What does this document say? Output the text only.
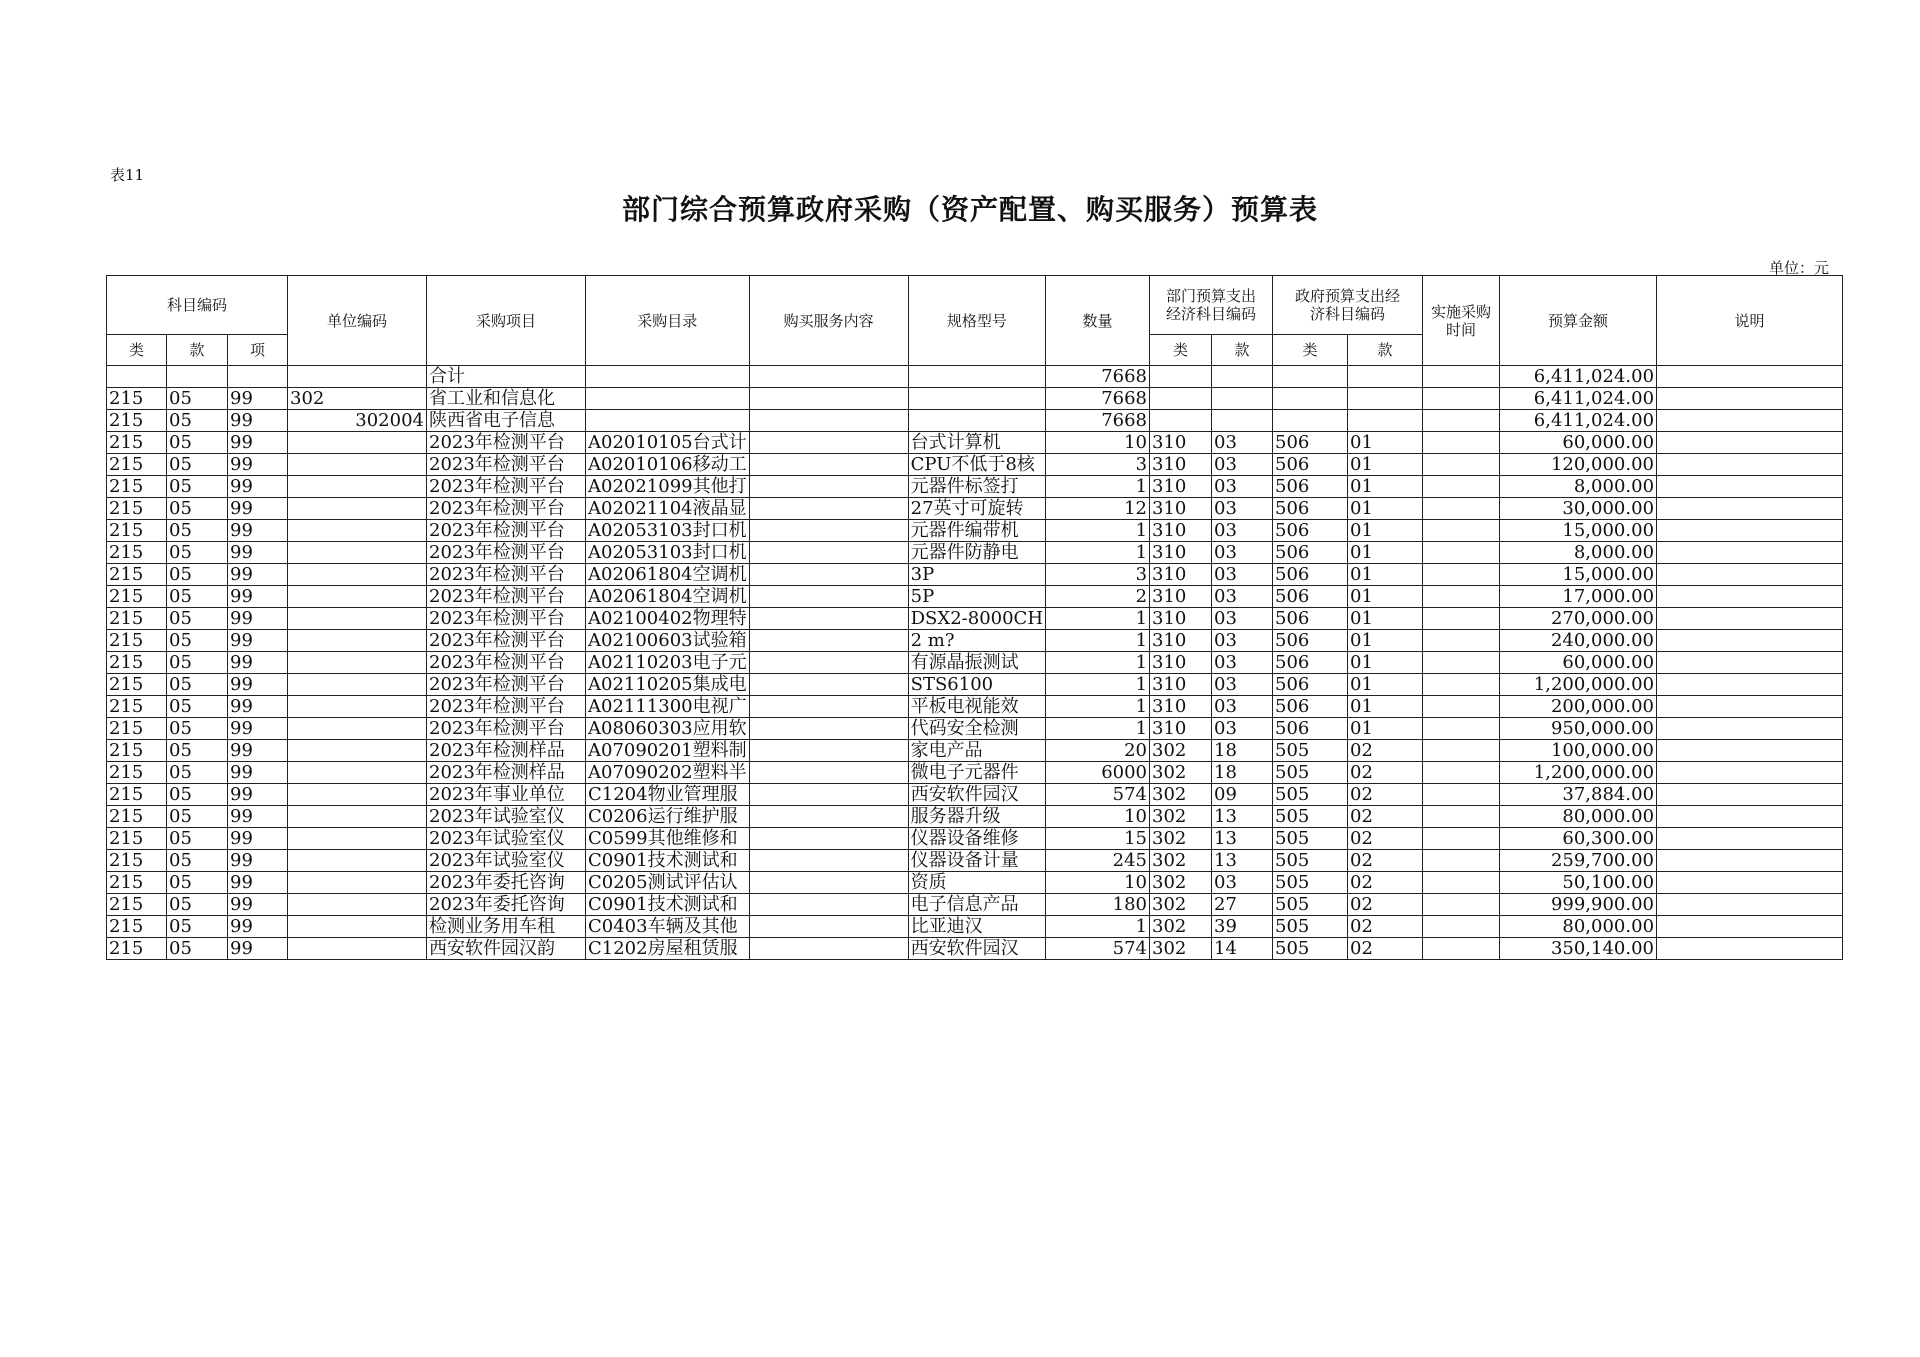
表11
部门综合预算政府采购（资产配置、购买服务）预算表
单位：元
科目编码			单位编码	采购项目	采购目录	购买服务内容	规格型号	数量	部门预算支出经济科目编码		政府预算支出经济科目编码		实施采购时间	预算金额	说明
类	款	项							类	款	类	款			
				合计				7668						6,411,024.00	
215	05	99	302	省工业和信息化				7668						6,411,024.00	
215	05	99	302004	陕西省电子信息				7668						6,411,024.00	
215	05	99		2023年检测平台	A02010105台式计		台式计算机	10	310	03	506	01		60,000.00	
215	05	99		2023年检测平台	A02010106移动工		CPU不低于8核	3	310	03	506	01		120,000.00	
215	05	99		2023年检测平台	A02021099其他打		元器件标签打	1	310	03	506	01		8,000.00	
215	05	99		2023年检测平台	A02021104液晶显		27英寸可旋转	12	310	03	506	01		30,000.00	
215	05	99		2023年检测平台	A02053103封口机		元器件编带机	1	310	03	506	01		15,000.00	
215	05	99		2023年检测平台	A02053103封口机		元器件防静电	1	310	03	506	01		8,000.00	
215	05	99		2023年检测平台	A02061804空调机		3P	3	310	03	506	01		15,000.00	
215	05	99		2023年检测平台	A02061804空调机		5P	2	310	03	506	01		17,000.00	
215	05	99		2023年检测平台	A02100402物理特		DSX2-8000CH	1	310	03	506	01		270,000.00	
215	05	99		2023年检测平台	A02100603试验箱		2 m?	1	310	03	506	01		240,000.00	
215	05	99		2023年检测平台	A02110203电子元		有源晶振测试	1	310	03	506	01		60,000.00	
215	05	99		2023年检测平台	A02110205集成电		STS6100	1	310	03	506	01		1,200,000.00	
215	05	99		2023年检测平台	A02111300电视广		平板电视能效	1	310	03	506	01		200,000.00	
215	05	99		2023年检测平台	A08060303应用软		代码安全检测	1	310	03	506	01		950,000.00	
215	05	99		2023年检测样品	A07090201塑料制		家电产品	20	302	18	505	02		100,000.00	
215	05	99		2023年检测样品	A07090202塑料半		微电子元器件	6000	302	18	505	02		1,200,000.00	
215	05	99		2023年事业单位	C1204物业管理服		西安软件园汉	574	302	09	505	02		37,884.00	
215	05	99		2023年试验室仪	C0206运行维护服		服务器升级	10	302	13	505	02		80,000.00	
215	05	99		2023年试验室仪	C0599其他维修和		仪器设备维修	15	302	13	505	02		60,300.00	
215	05	99		2023年试验室仪	C0901技术测试和		仪器设备计量	245	302	13	505	02		259,700.00	
215	05	99		2023年委托咨询	C0205测试评估认		资质	10	302	03	505	02		50,100.00	
215	05	99		2023年委托咨询	C0901技术测试和		电子信息产品	180	302	27	505	02		999,900.00	
215	05	99		检测业务用车租	C0403车辆及其他		比亚迪汉	1	302	39	505	02		80,000.00	
215	05	99		西安软件园汉韵	C1202房屋租赁服		西安软件园汉	574	302	14	505	02		350,140.00	
